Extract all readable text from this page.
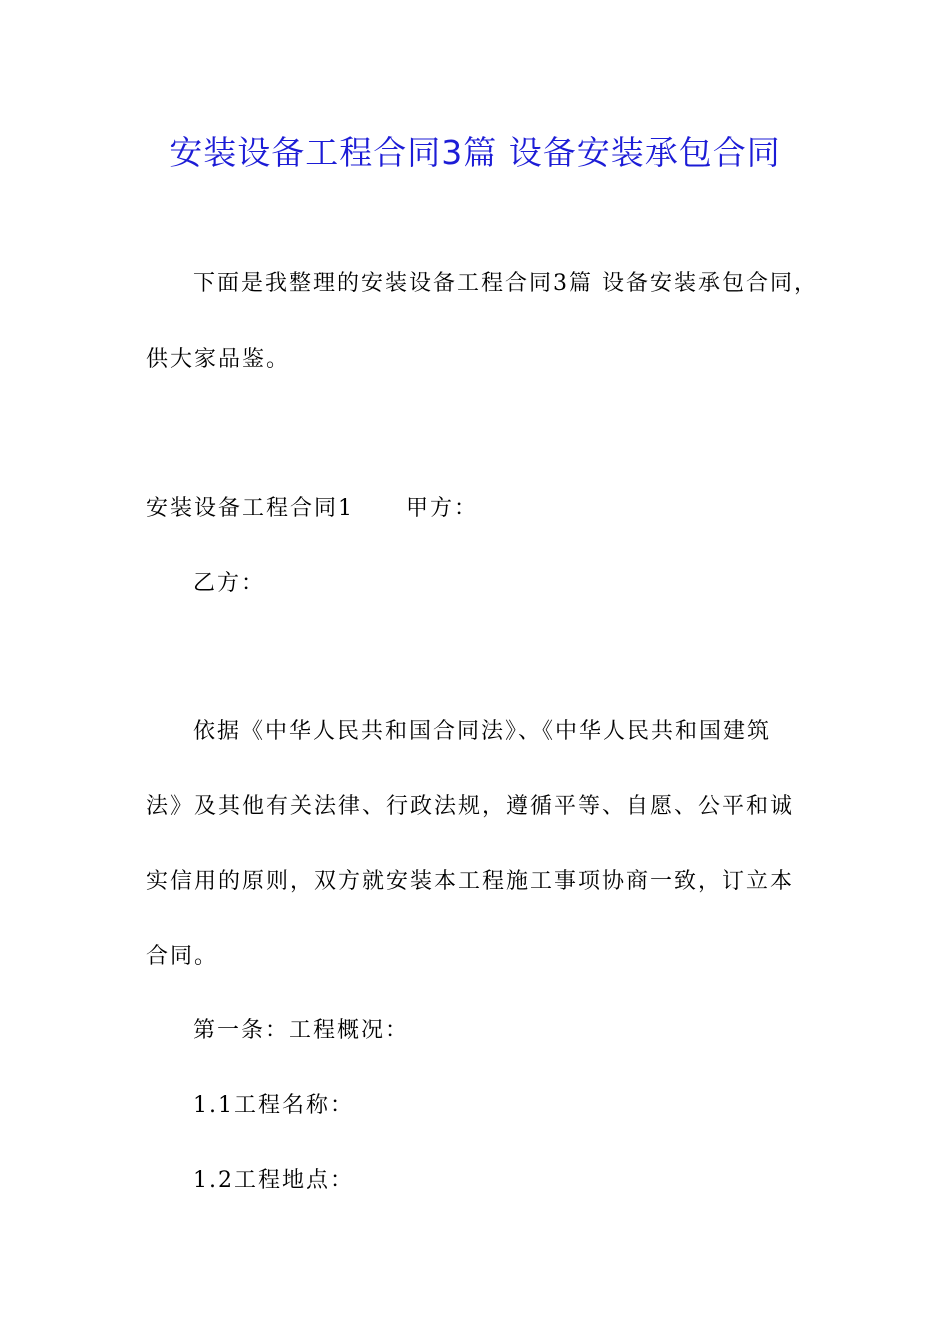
安装设备工程合同3篇 设备安装承包合同

下面是我整理的安装设备工程合同3篇 设备安装承包合同，

供大家品鉴。

安装设备工程合同1 甲方：

乙方：

依据《中华人民共和国合同法》、《中华人民共和国建筑

法》及其他有关法律、行政法规，遵循平等、自愿、公平和诚

实信用的原则，双方就安装本工程施工事项协商一致，订立本

合同。

第一条：工程概况：

1.1工程名称：

1.2工程地点：
